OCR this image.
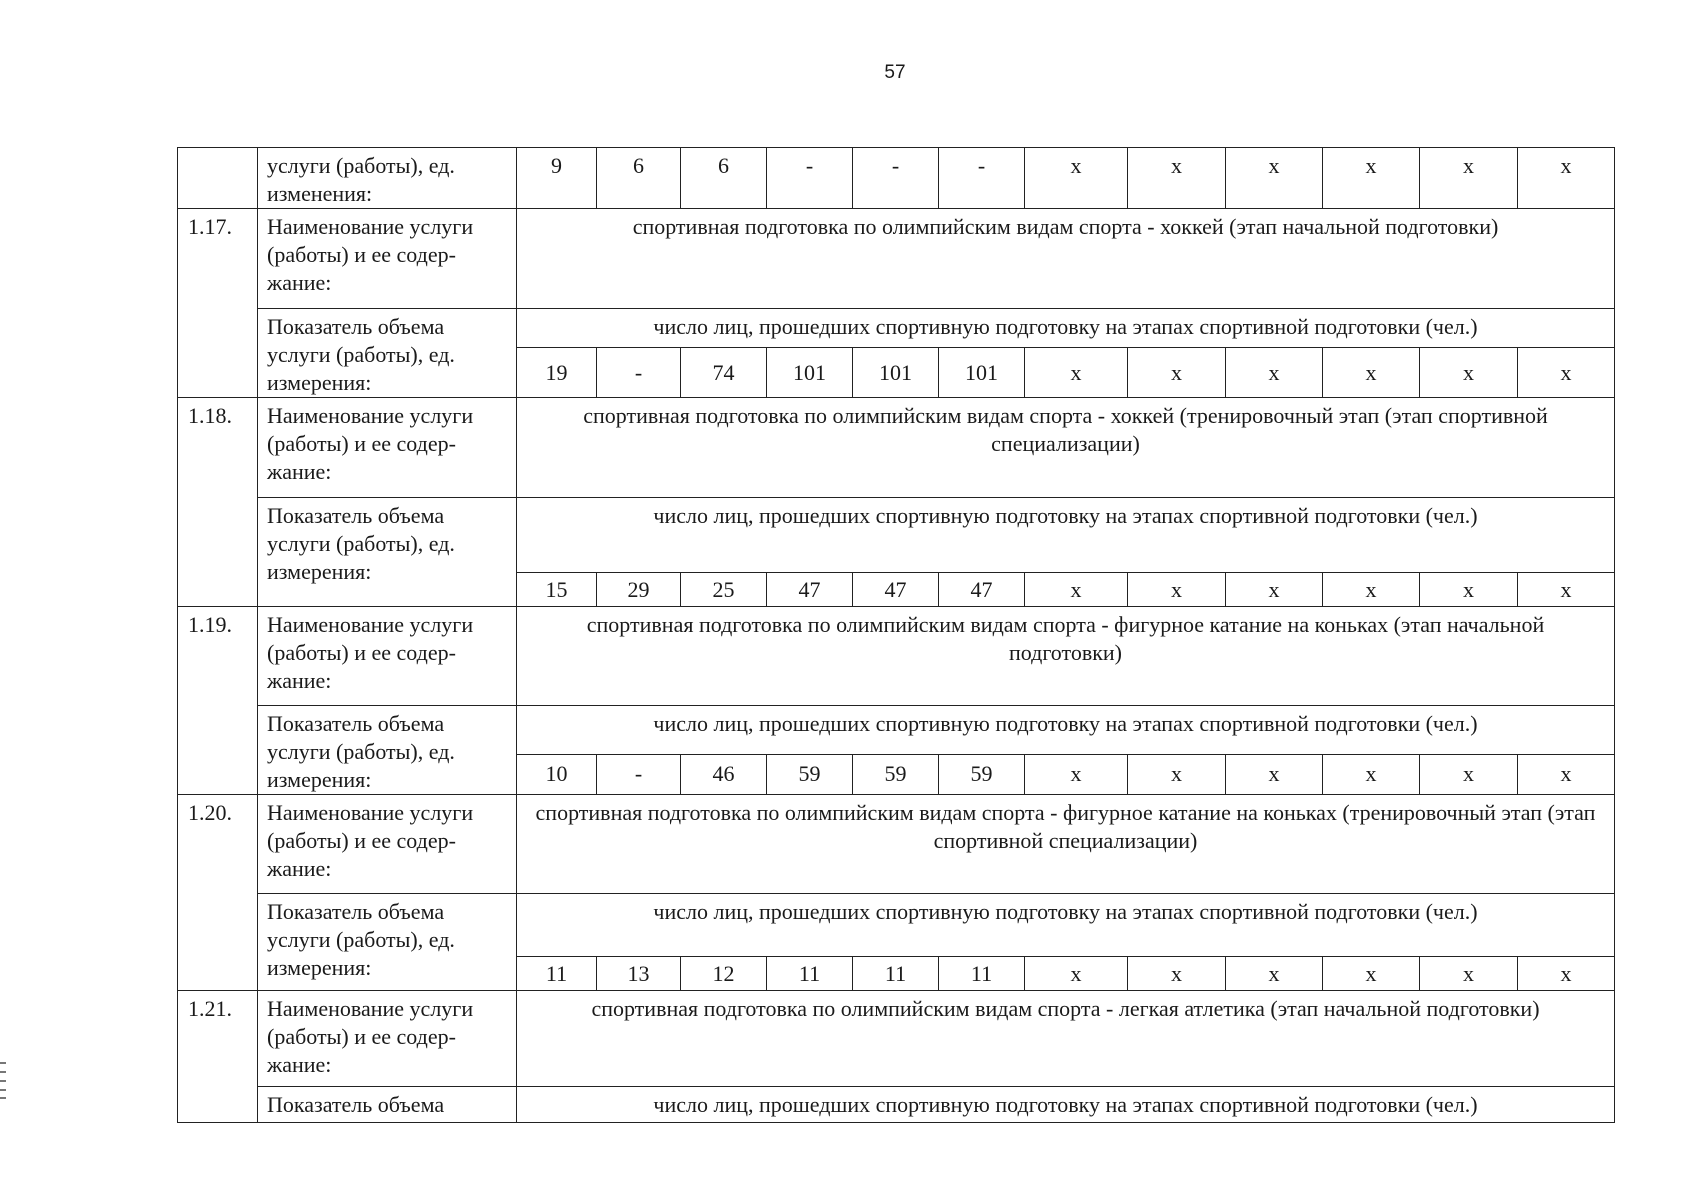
57
	услуги (работы), ед. изменения:	9	6	6	-	-	-	х	х	х	х	х	х
1.17.	Наименование услуги (работы) и ее содер-жание:	спортивная подготовка по олимпийским видам спорта - хоккей (этап начальной подготовки)											
	Показатель объема услуги (работы), ед. измерения:	число лиц, прошедших спортивную подготовку на этапах спортивной подготовки (чел.)											
		19	-	74	101	101	101	х	х	х	х	х	х
1.18.	Наименование услуги (работы) и ее содер-жание:	спортивная подготовка по олимпийским видам спорта - хоккей (тренировочный этап (этап спортивной специализации)											
	Показатель объема услуги (работы), ед. измерения:	число лиц, прошедших спортивную подготовку на этапах спортивной подготовки (чел.)											
		15	29	25	47	47	47	х	х	х	х	х	х
1.19.	Наименование услуги (работы) и ее содер-жание:	спортивная подготовка по олимпийским видам спорта - фигурное катание на коньках (этап начальной подготовки)											
	Показатель объема услуги (работы), ед. измерения:	число лиц, прошедших спортивную подготовку на этапах спортивной подготовки (чел.)											
		10	-	46	59	59	59	х	х	х	х	х	х
1.20.	Наименование услуги (работы) и ее содер-жание:	спортивная подготовка по олимпийским видам спорта - фигурное катание на коньках (тренировочный этап (этап спортивной специализации)											
	Показатель объема услуги (работы), ед. измерения:	число лиц, прошедших спортивную подготовку на этапах спортивной подготовки (чел.)											
		11	13	12	11	11	11	х	х	х	х	х	х
1.21.	Наименование услуги (работы) и ее содер-жание:	спортивная подготовка по олимпийским видам спорта - легкая атлетика (этап начальной подготовки)											
	Показатель объема	число лиц, прошедших спортивную подготовку на этапах спортивной подготовки (чел.)											
